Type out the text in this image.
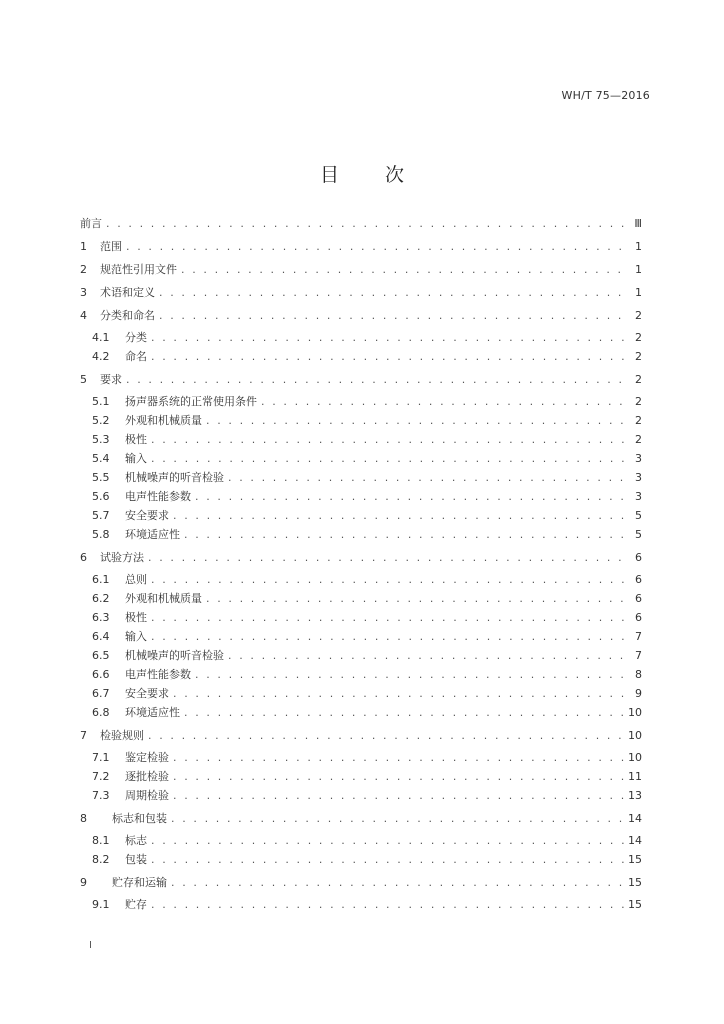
WH/T 75—2016
目 次
前言 . . .	Ⅲ
1	范围 . . .	1
2	规范性引用文件 . . .	1
3	术语和定义 . . .	1
4	分类和命名 . . .	2
4.1	分类 . . .	2
4.2	命名 . . .	2
5	要求 . . .	2
5.1	扬声器系统的正常使用条件 . . .	2
5.2	外观和机械质量 . . .	2
5.3	极性 . . .	2
5.4	输入 . . .	3
5.5	机械噪声的听音检验 . . .	3
5.6	电声性能参数 . . .	3
5.7	安全要求 . . .	5
5.8	环境适应性 . . .	5
6	试验方法 . . .	6
6.1	总则 . . .	6
6.2	外观和机械质量 . . .	6
6.3	极性 . . .	6
6.4	输入 . . .	7
6.5	机械噪声的听音检验 . . .	7
6.6	电声性能参数 . . .	8
6.7	安全要求 . . .	9
6.8	环境适应性 . . .	10
7	检验规则 . . .	10
7.1	鉴定检验 . . .	10
7.2	逐批检验 . . .	11
7.3	周期检验 . . .	13
8	标志和包装 . . .	14
8.1	标志 . . .	14
8.2	包装 . . .	15
9	贮存和运输 . . .	15
9.1	贮存 . . .	15
I
